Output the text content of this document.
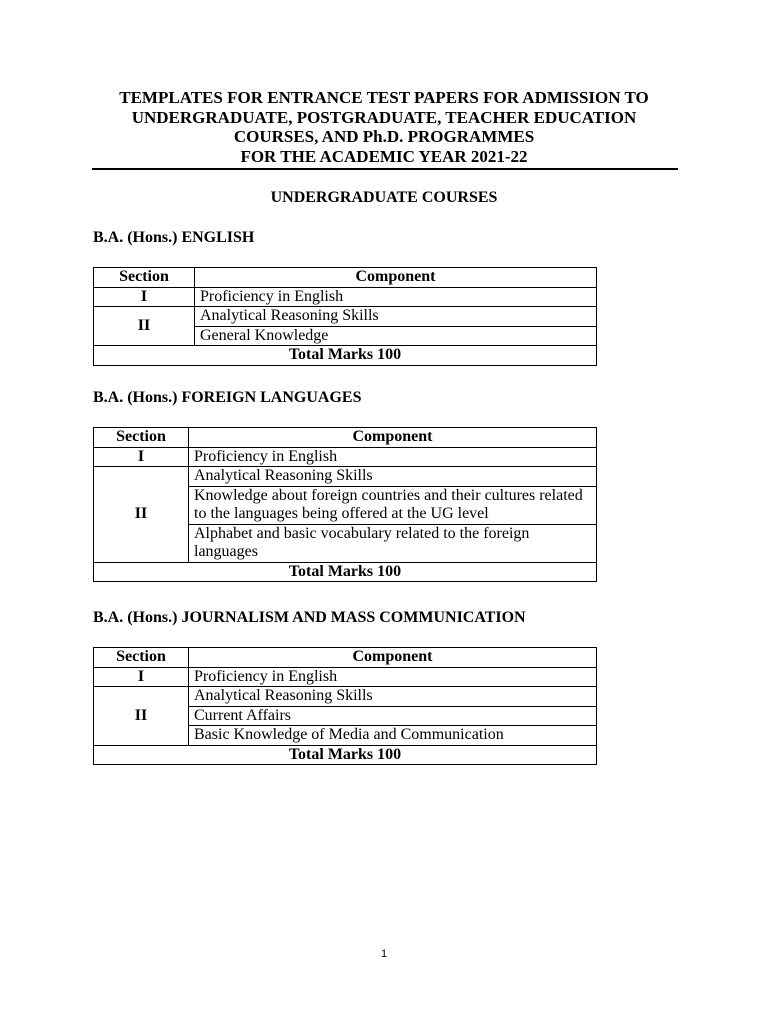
TEMPLATES FOR ENTRANCE TEST PAPERS FOR ADMISSION TO
UNDERGRADUATE, POSTGRADUATE, TEACHER EDUCATION
COURSES, AND Ph.D. PROGRAMMES
FOR THE ACADEMIC YEAR 2021-22
UNDERGRADUATE COURSES
B.A. (Hons.) ENGLISH
Section	Component
I	Proficiency in English
II	Analytical Reasoning Skills
	General Knowledge
Total Marks 100	
B.A. (Hons.) FOREIGN LANGUAGES
Section	Component
I	Proficiency in English
II	Analytical Reasoning Skills
	Knowledge about foreign countries and their cultures related to the languages being offered at the UG level
	Alphabet and basic vocabulary related to the foreign languages
Total Marks 100	
B.A. (Hons.) JOURNALISM AND MASS COMMUNICATION
Section	Component
I	Proficiency in English
II	Analytical Reasoning Skills
	Current Affairs
	Basic Knowledge of Media and Communication
Total Marks 100	
1
